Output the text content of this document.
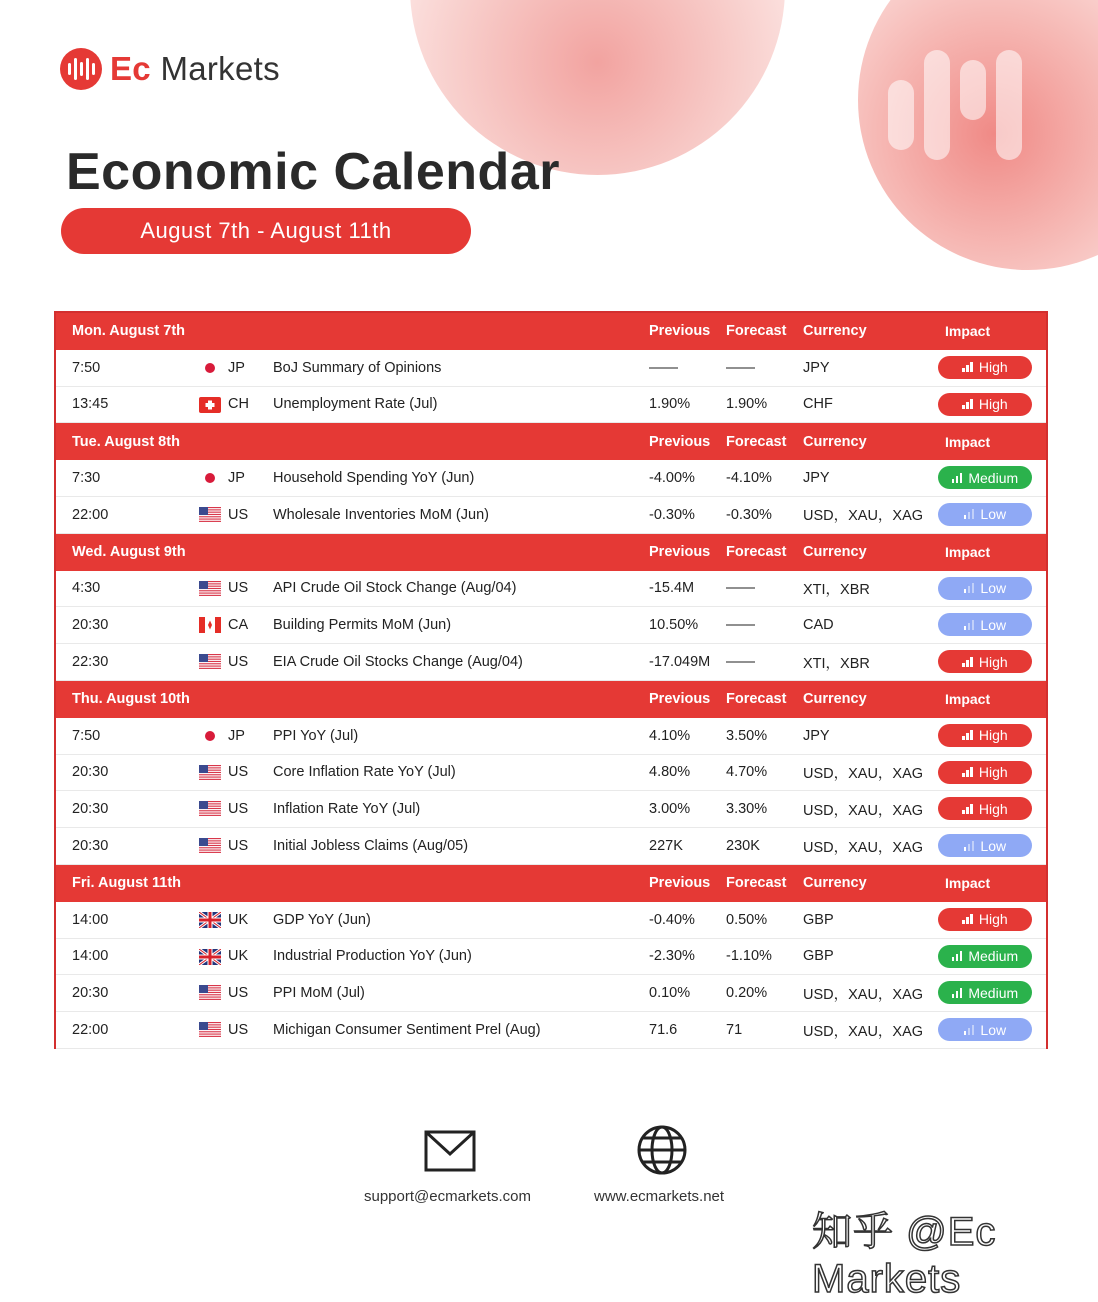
Ec Markets
Economic Calendar
August 7th - August 11th
Mon. August 7th	Previous Forecast Currency	Impact
7:50	JP BoJ Summary of Opinions	——	——	JPY	High
13:45	CH Unemployment Rate (Jul)	1.90% 1.90% CHF	High
Tue. August 8th	Previous Forecast Currency	Impact
7:30	JP Household Spending YoY (Jun)	-4.00% -4.10% JPY	Medium
22:00	US Wholesale Inventories MoM (Jun)	-0.30% -0.30% USD，XAU，XAG	Low
Wed. August 9th	Previous Forecast Currency	Impact
4:30	US API Crude Oil Stock Change (Aug/04)	-15.4M ——	XTI，XBR	Low
20:30	CA Building Permits MoM (Jun)	10.50% ——	CAD	Low
22:30	US EIA Crude Oil Stocks Change (Aug/04)	-17.049M ——	XTI，XBR	High
Thu. August 10th	Previous Forecast Currency	Impact
7:50	JP PPI YoY (Jul)	4.10% 3.50% JPY	High
20:30	US Core Inflation Rate YoY (Jul)	4.80% 4.70% USD，XAU，XAG	High
20:30	US Inflation Rate YoY (Jul)	3.00% 3.30% USD，XAU，XAG	High
20:30	US Initial Jobless Claims (Aug/05)	227K	230K	USD，XAU，XAG	Low
Fri. August 11th	Previous Forecast Currency	Impact
14:00	UK GDP YoY (Jun)	-0.40% 0.50% GBP	High
14:00	UK Industrial Production YoY (Jun)	-2.30% -1.10% GBP	Medium
20:30	US PPI MoM (Jul)	0.10% 0.20% USD，XAU，XAG	Medium
22:00	US Michigan Consumer Sentiment Prel (Aug)	71.6	71	USD，XAU，XAG	Low
support@ecmarkets.com	www.ecmarkets.net
知乎 @Ec Markets
